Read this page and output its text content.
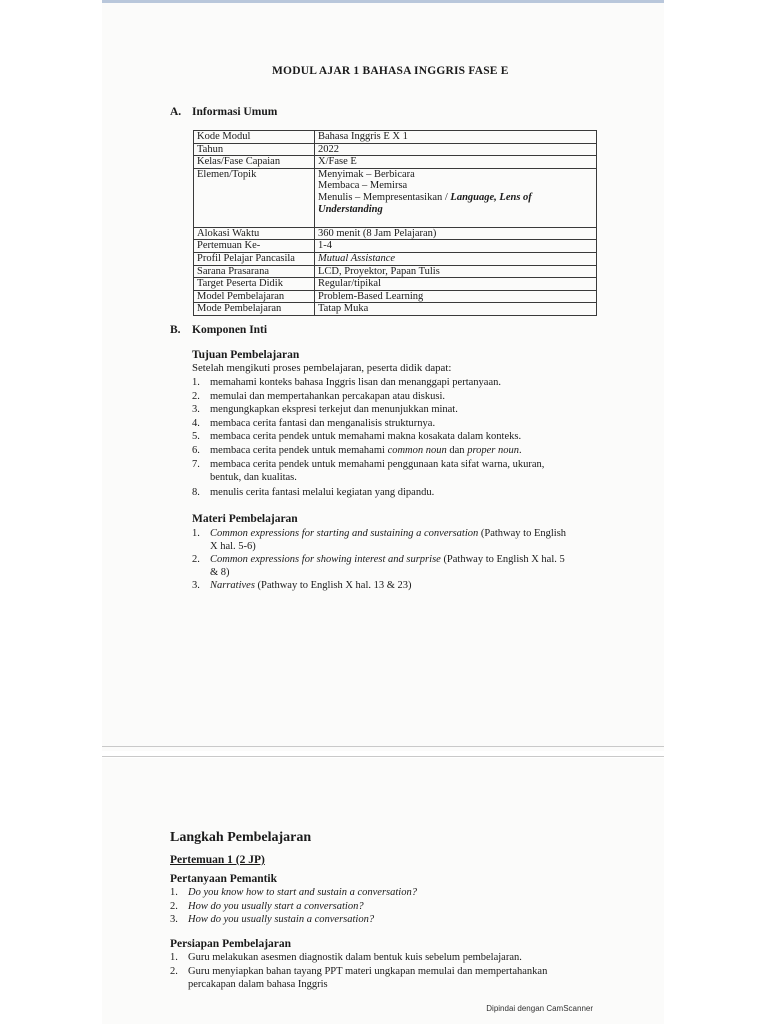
MODUL AJAR 1 BAHASA INGGRIS FASE E
A. Informasi Umum
Kode Modul	Bahasa Inggris E X 1
Tahun	2022
Kelas/Fase Capaian	X/Fase E
Elemen/Topik	Menyimak – Berbicara
Membaca – Memirsa
Menulis – Mempresentasikan / Language, Lens of Understanding

Alokasi Waktu	360 menit (8 Jam Pelajaran)
Pertemuan Ke-	1-4
Profil Pelajar Pancasila	Mutual Assistance
Sarana Prasarana	LCD, Proyektor, Papan Tulis
Target Peserta Didik	Regular/tipikal
Model Pembelajaran	Problem-Based Learning
Mode Pembelajaran	Tatap Muka
B. Komponen Inti
Tujuan Pembelajaran
Setelah mengikuti proses pembelajaran, peserta didik dapat:
1. memahami konteks bahasa Inggris lisan dan menanggapi pertanyaan.
2. memulai dan mempertahankan percakapan atau diskusi.
3. mengungkapkan ekspresi terkejut dan menunjukkan minat.
4. membaca cerita fantasi dan menganalisis strukturnya.
5. membaca cerita pendek untuk memahami makna kosakata dalam konteks.
6. membaca cerita pendek untuk memahami common noun dan proper noun.
7. membaca cerita pendek untuk memahami penggunaan kata sifat warna, ukuran,
bentuk, dan kualitas.
8. menulis cerita fantasi melalui kegiatan yang dipandu.
Materi Pembelajaran
1. Common expressions for starting and sustaining a conversation (Pathway to English
X hal. 5-6)
2. Common expressions for showing interest and surprise (Pathway to English X hal. 5
& 8)
3. Narratives (Pathway to English X hal. 13 & 23)
Langkah Pembelajaran
Pertemuan 1 (2 JP)
Pertanyaan Pemantik
1. Do you know how to start and sustain a conversation?
2. How do you usually start a conversation?
3. How do you usually sustain a conversation?
Persiapan Pembelajaran
1. Guru melakukan asesmen diagnostik dalam bentuk kuis sebelum pembelajaran.
2. Guru menyiapkan bahan tayang PPT materi ungkapan memulai dan mempertahankan
percakapan dalam bahasa Inggris
Dipindai dengan CamScanner
